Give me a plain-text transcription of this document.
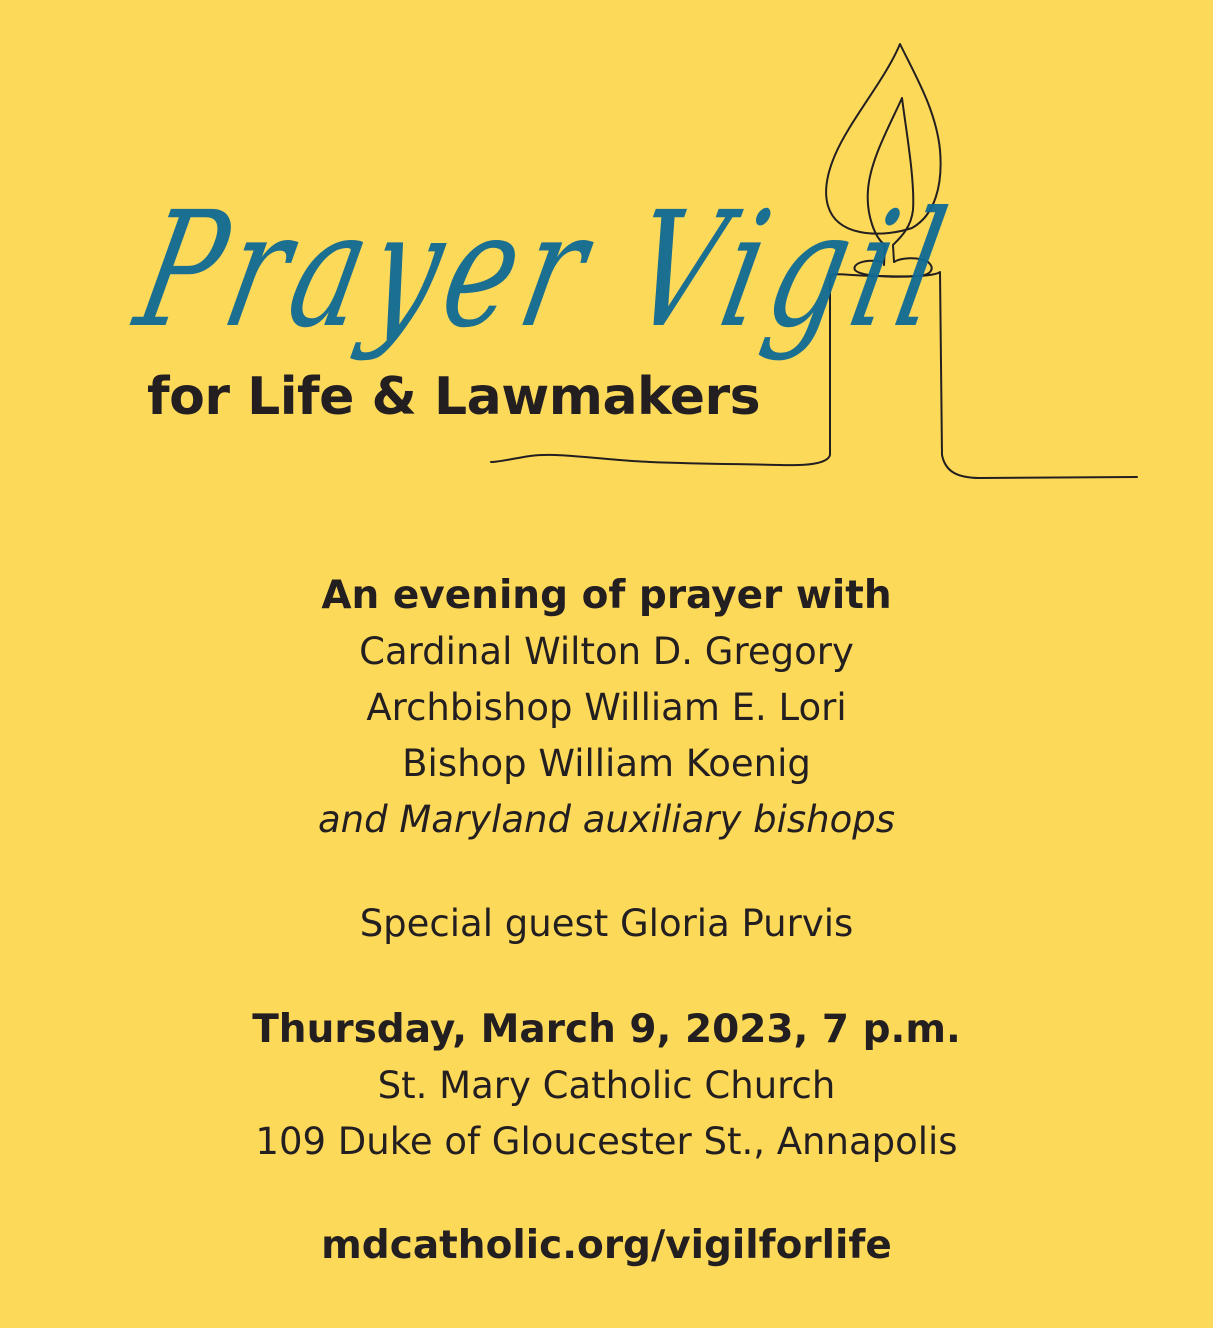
Prayer Vigil
for Life & Lawmakers
An evening of prayer with
Cardinal Wilton D. Gregory
Archbishop William E. Lori
Bishop William Koenig
and Maryland auxiliary bishops
Special guest Gloria Purvis
Thursday, March 9, 2023, 7 p.m.
St. Mary Catholic Church
109 Duke of Gloucester St., Annapolis
mdcatholic.org/vigilforlife
